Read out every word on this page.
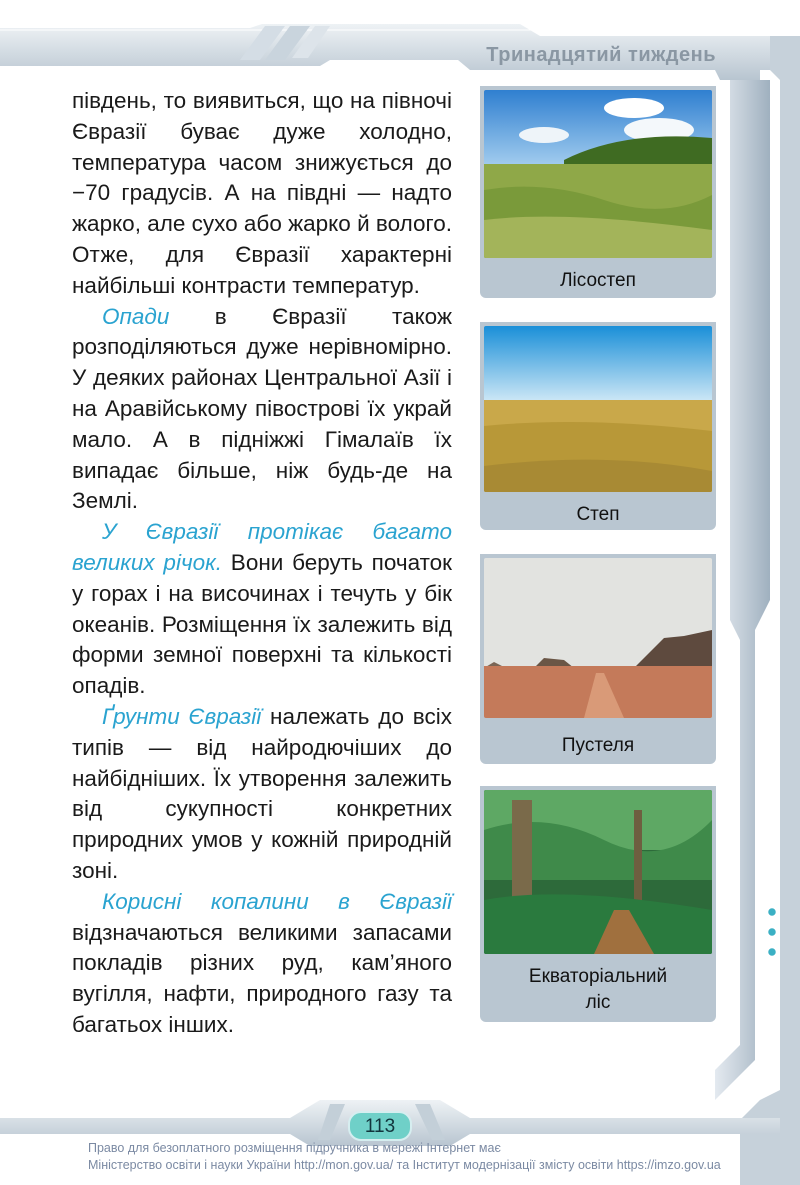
Тринадцятий тиждень

південь, то виявиться, що на півночі Євразії буває дуже холодно, температура часом знижується до −70 градусів. А на півдні — надто жарко, але сухо або жарко й волого. Отже, для Євразії характерні найбільші контрасти температур.

Опади в Євразії також розподіляються дуже нерівномірно. У деяких районах Центральної Азії і на Аравійському півострові їх украй мало. А в підніжжі Гімалаїв їх випадає більше, ніж будь-де на Землі.

У Євразії протікає багато великих річок. Вони беруть початок у горах і на височинах і течуть у бік океанів. Розміщення їх залежить від форми земної поверхні та кількості опадів.

Ґрунти Євразії належать до всіх типів — від найродючіших до найбідніших. Їх утворення залежить від сукупності конкретних природних умов у кожній природній зоні.

Корисні копалини в Євразії відзначаються великими запасами покладів різних руд, кам’яного вугілля, нафти, природного газу та багатьох інших.

Лісостеп
Степ
Пустеля
Екваторіальний
ліс
113
Право для безоплатного розміщення підручника в мережі Інтернет має
Міністерство освіти і науки України http://mon.gov.ua/ та Інститут модернізації змісту освіти https://imzo.gov.ua
